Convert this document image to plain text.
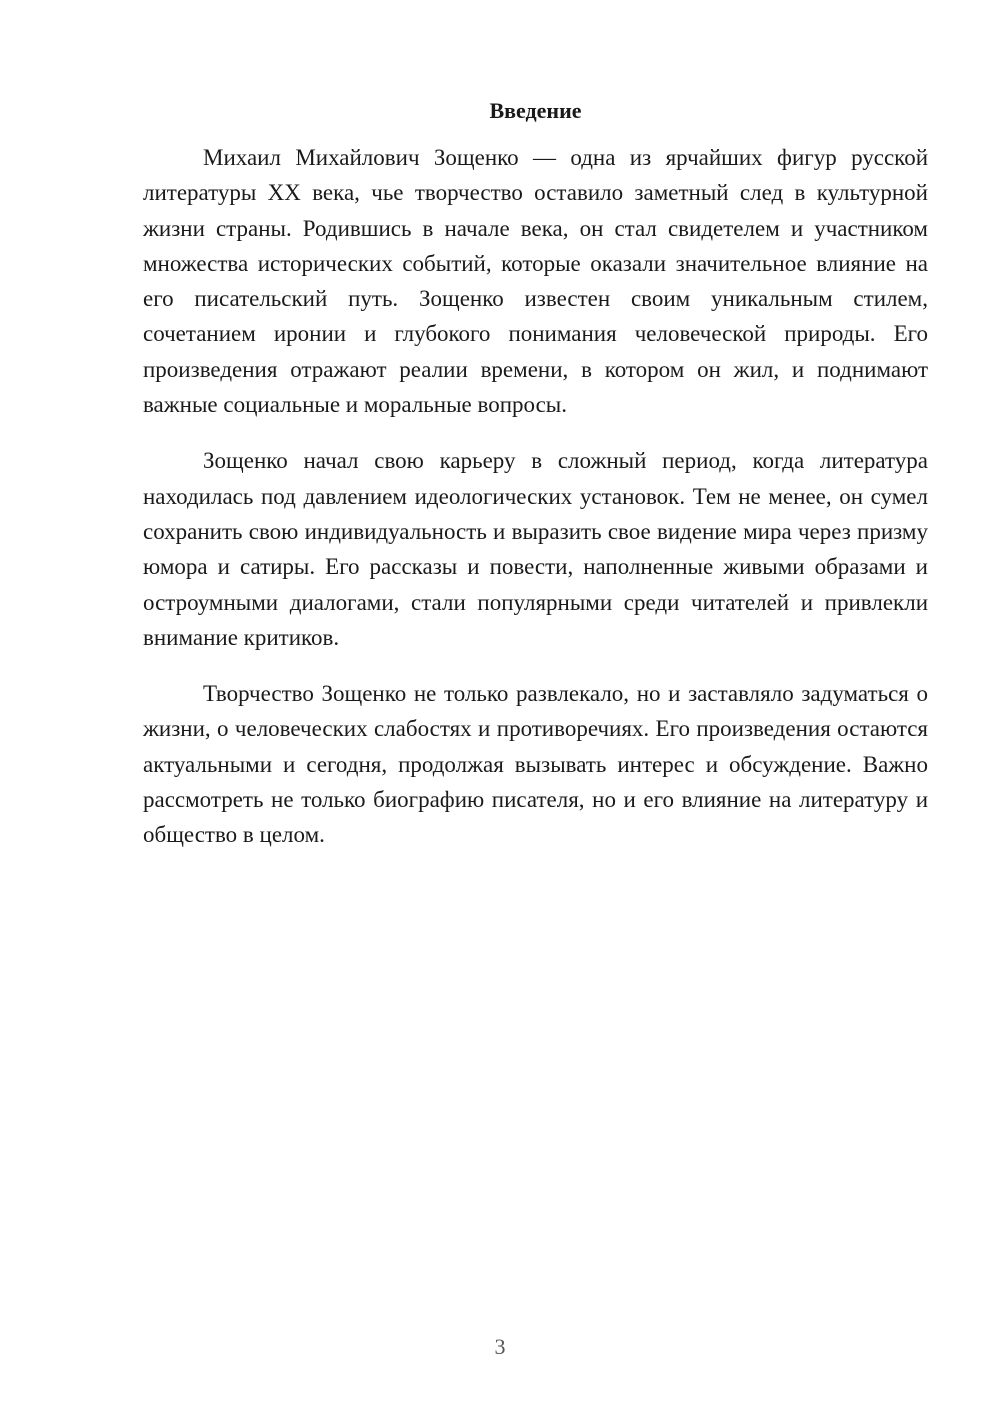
Введение

Михаил Михайлович Зощенко — одна из ярчайших фигур русской литературы XX века, чье творчество оставило заметный след в культурной жизни страны. Родившись в начале века, он стал свидетелем и участником множества исторических событий, которые оказали значительное влияние на его писательский путь. Зощенко известен своим уникальным стилем, сочетанием иронии и глубокого понимания человеческой природы. Его произведения отражают реалии времени, в котором он жил, и поднимают важные социальные и моральные вопросы.

Зощенко начал свою карьеру в сложный период, когда литература находилась под давлением идеологических установок. Тем не менее, он сумел сохранить свою индивидуальность и выразить свое видение мира через призму юмора и сатиры. Его рассказы и повести, наполненные живыми образами и остроумными диалогами, стали популярными среди читателей и привлекли внимание критиков.

Творчество Зощенко не только развлекало, но и заставляло задуматься о жизни, о человеческих слабостях и противоречиях. Его произведения остаются актуальными и сегодня, продолжая вызывать интерес и обсуждение. Важно рассмотреть не только биографию писателя, но и его влияние на литературу и общество в целом.

3
